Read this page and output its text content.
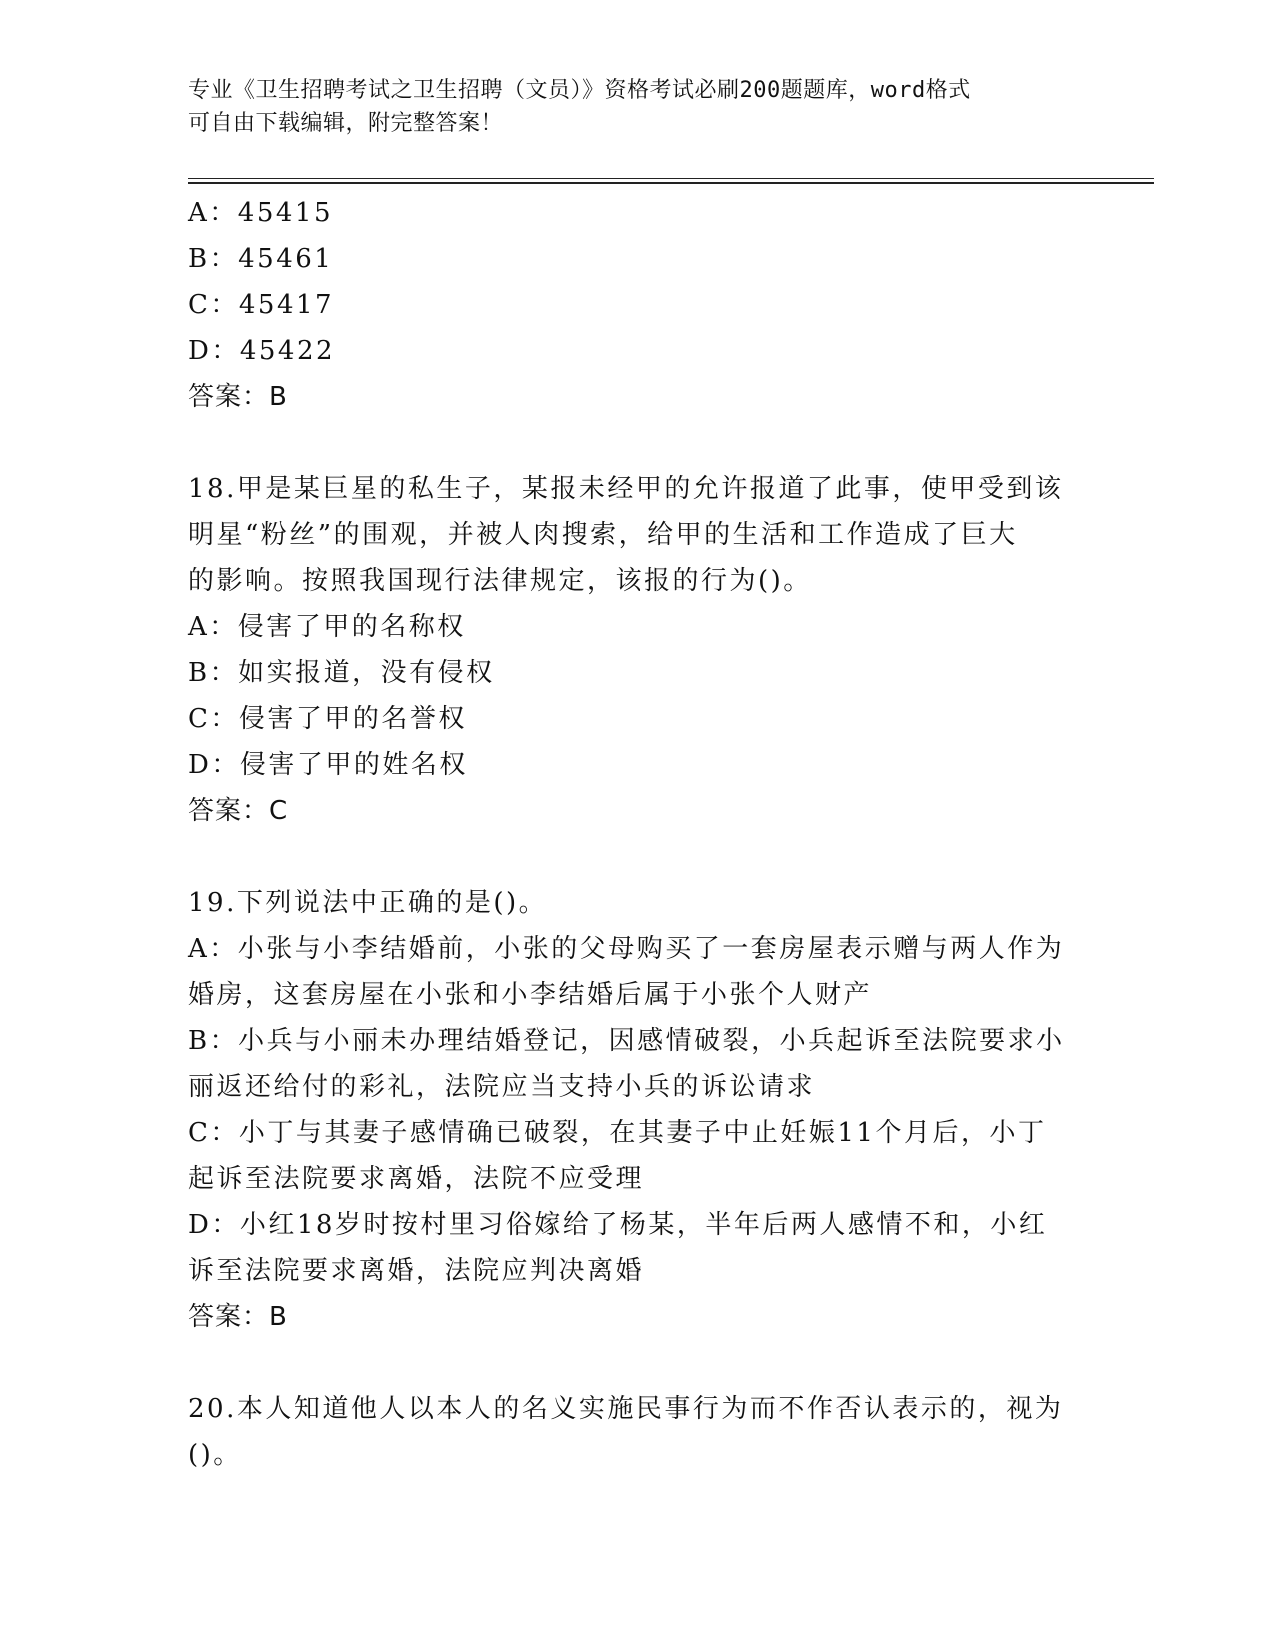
专业《卫生招聘考试之卫生招聘（文员）》资格考试必刷200题题库，word格式
可自由下载编辑，附完整答案！
A：45415
B：45461
C：45417
D：45422
答案：B
18.甲是某巨星的私生子，某报未经甲的允许报道了此事，使甲受到该
明星“粉丝”的围观，并被人肉搜索，给甲的生活和工作造成了巨大
的影响。按照我国现行法律规定，该报的行为()。
A：侵害了甲的名称权
B：如实报道，没有侵权
C：侵害了甲的名誉权
D：侵害了甲的姓名权
答案：C
19.下列说法中正确的是()。
A：小张与小李结婚前，小张的父母购买了一套房屋表示赠与两人作为
婚房，这套房屋在小张和小李结婚后属于小张个人财产
B：小兵与小丽未办理结婚登记，因感情破裂，小兵起诉至法院要求小
丽返还给付的彩礼，法院应当支持小兵的诉讼请求
C：小丁与其妻子感情确已破裂，在其妻子中止妊娠11个月后，小丁
起诉至法院要求离婚，法院不应受理
D：小红18岁时按村里习俗嫁给了杨某，半年后两人感情不和，小红
诉至法院要求离婚，法院应判决离婚
答案：B
20.本人知道他人以本人的名义实施民事行为而不作否认表示的，视为
()。
